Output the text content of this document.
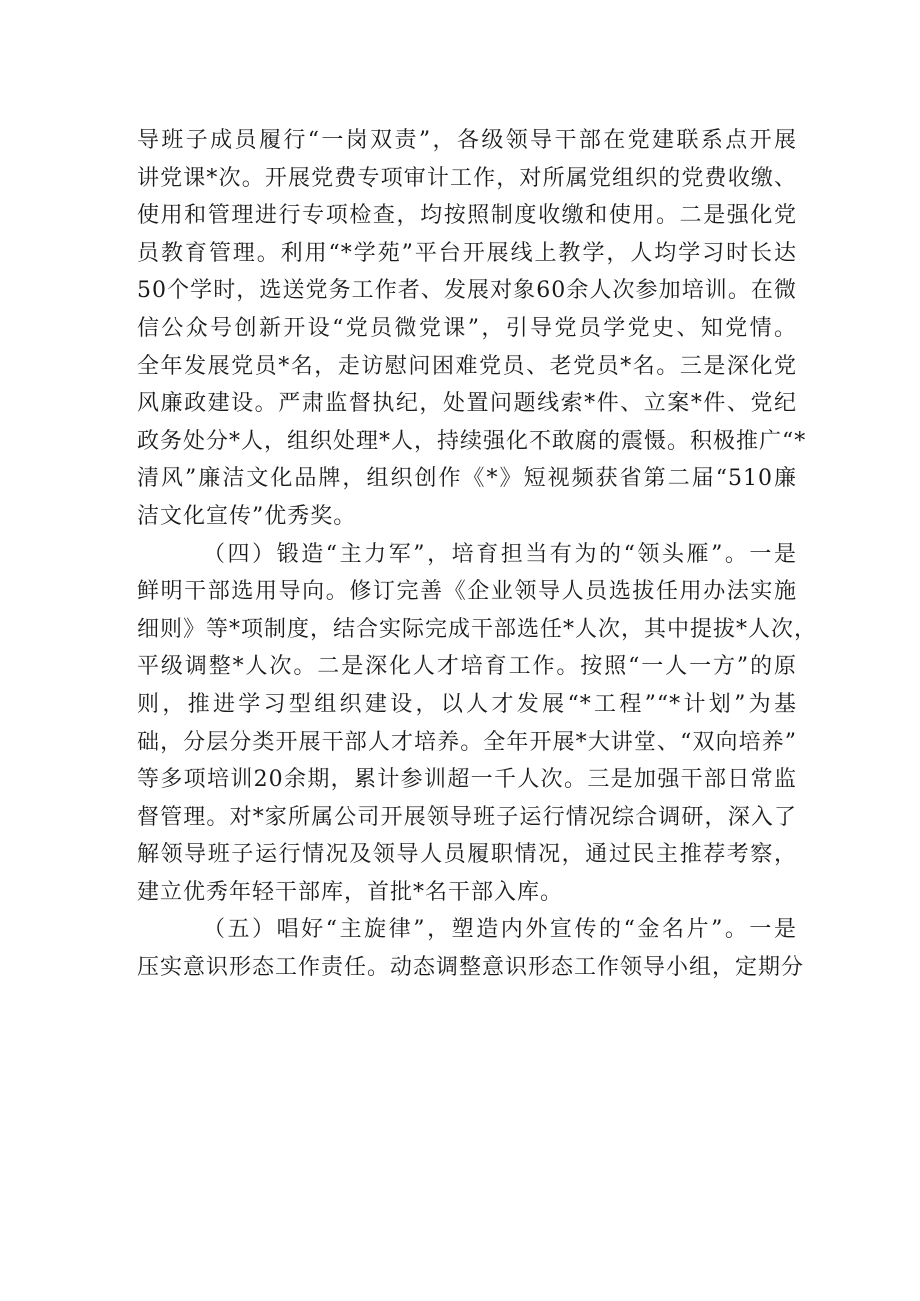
导班子成员履行“一岗双责”，各级领导干部在党建联系点开展
讲党课*次。开展党费专项审计工作，对所属党组织的党费收缴、
使用和管理进行专项检查，均按照制度收缴和使用。二是强化党
员教育管理。利用“*学苑”平台开展线上教学，人均学习时长达
50个学时，选送党务工作者、发展对象60余人次参加培训。在微
信公众号创新开设“党员微党课”，引导党员学党史、知党情。
全年发展党员*名，走访慰问困难党员、老党员*名。三是深化党
风廉政建设。严肃监督执纪，处置问题线索*件、立案*件、党纪
政务处分*人，组织处理*人，持续强化不敢腐的震慑。积极推广“*
清风”廉洁文化品牌，组织创作《*》短视频获省第二届“510廉
洁文化宣传”优秀奖。
（四）锻造“主力军”，培育担当有为的“领头雁”。一是
鲜明干部选用导向。修订完善《企业领导人员选拔任用办法实施
细则》等*项制度，结合实际完成干部选任*人次，其中提拔*人次，
平级调整*人次。二是深化人才培育工作。按照“一人一方”的原
则，推进学习型组织建设，以人才发展“*工程”“*计划”为基
础，分层分类开展干部人才培养。全年开展*大讲堂、“双向培养”
等多项培训20余期，累计参训超一千人次。三是加强干部日常监
督管理。对*家所属公司开展领导班子运行情况综合调研，深入了
解领导班子运行情况及领导人员履职情况，通过民主推荐考察，
建立优秀年轻干部库，首批*名干部入库。
（五）唱好“主旋律”，塑造内外宣传的“金名片”。一是
压实意识形态工作责任。动态调整意识形态工作领导小组，定期分
